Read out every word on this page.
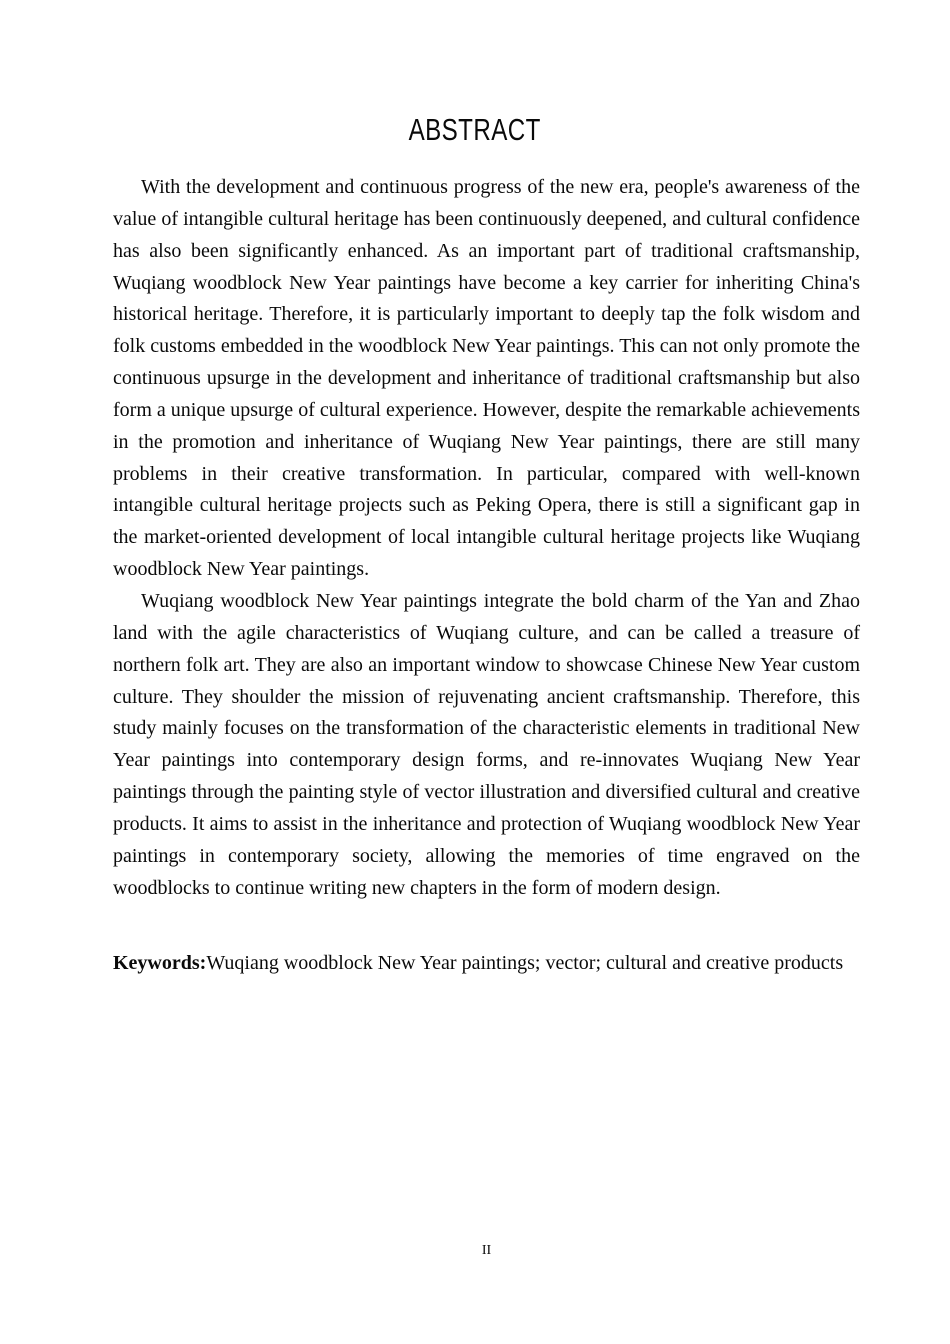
ABSTRACT

With the development and continuous progress of the new era, people's awareness of the value of intangible cultural heritage has been continuously deepened, and cultural confidence has also been significantly enhanced. As an important part of traditional craftsmanship, Wuqiang woodblock New Year paintings have become a key carrier for inheriting China's historical heritage. Therefore, it is particularly important to deeply tap the folk wisdom and folk customs embedded in the woodblock New Year paintings. This can not only promote the continuous upsurge in the development and inheritance of traditional craftsmanship but also form a unique upsurge of cultural experience. However, despite the remarkable achievements in the promotion and inheritance of Wuqiang New Year paintings, there are still many problems in their creative transformation. In particular, compared with well-known intangible cultural heritage projects such as Peking Opera, there is still a significant gap in the market-oriented development of local intangible cultural heritage projects like Wuqiang woodblock New Year paintings.

Wuqiang woodblock New Year paintings integrate the bold charm of the Yan and Zhao land with the agile characteristics of Wuqiang culture, and can be called a treasure of northern folk art. They are also an important window to showcase Chinese New Year custom culture. They shoulder the mission of rejuvenating ancient craftsmanship. Therefore, this study mainly focuses on the transformation of the characteristic elements in traditional New Year paintings into contemporary design forms, and re-innovates Wuqiang New Year paintings through the painting style of vector illustration and diversified cultural and creative products. It aims to assist in the inheritance and protection of Wuqiang woodblock New Year paintings in contemporary society, allowing the memories of time engraved on the woodblocks to continue writing new chapters in the form of modern design.

Keywords:Wuqiang woodblock New Year paintings; vector; cultural and creative products
II
